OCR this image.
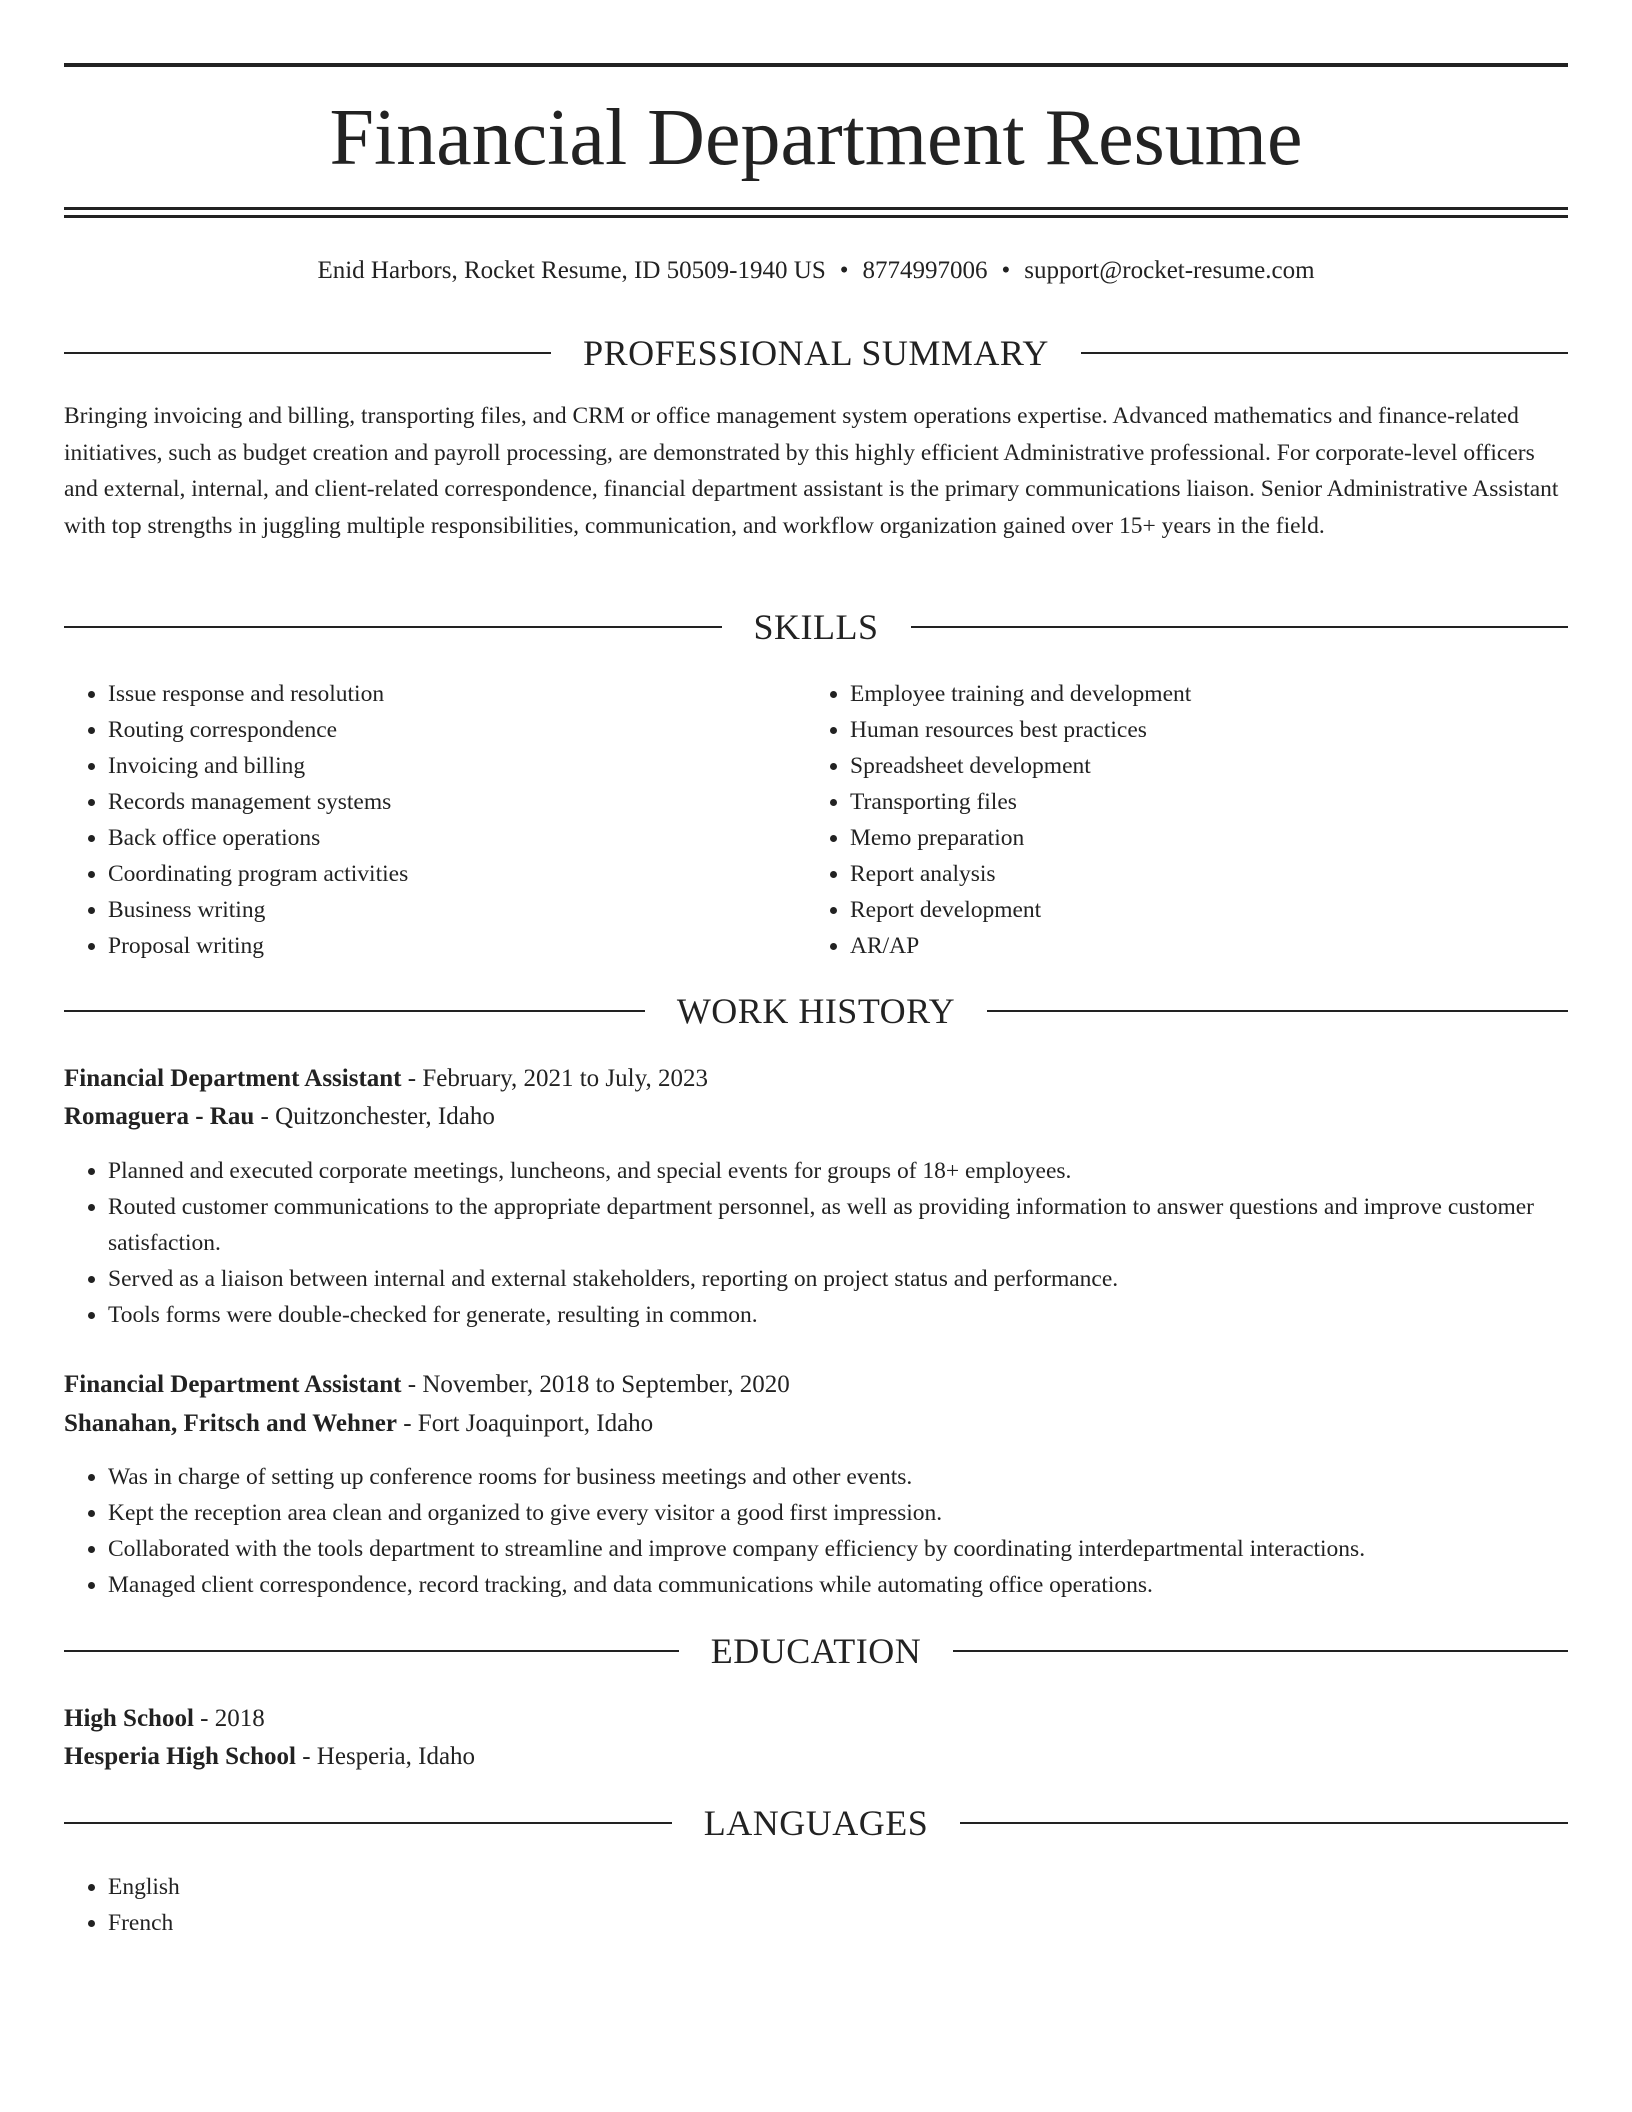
Financial Department Resume
Enid Harbors, Rocket Resume, ID 50509-1940 US • 8774997006 • support@rocket-resume.com
PROFESSIONAL SUMMARY

Bringing invoicing and billing, transporting files, and CRM or office management system operations expertise. Advanced mathematics and finance-related initiatives, such as budget creation and payroll processing, are demonstrated by this highly efficient Administrative professional. For corporate-level officers and external, internal, and client-related correspondence, financial department assistant is the primary communications liaison. Senior Administrative Assistant with top strengths in juggling multiple responsibilities, communication, and workflow organization gained over 15+ years in the field.

SKILLS
• Issue response and resolution
• Routing correspondence
• Invoicing and billing
• Records management systems
• Back office operations
• Coordinating program activities
• Business writing
• Proposal writing
• Employee training and development
• Human resources best practices
• Spreadsheet development
• Transporting files
• Memo preparation
• Report analysis
• Report development
• AR/AP
WORK HISTORY
Financial Department Assistant - February, 2021 to July, 2023
Romaguera - Rau - Quitzonchester, Idaho
• Planned and executed corporate meetings, luncheons, and special events for groups of 18+ employees.
• Routed customer communications to the appropriate department personnel, as well as providing information to answer questions and improve customer satisfaction.
• Served as a liaison between internal and external stakeholders, reporting on project status and performance.
• Tools forms were double-checked for generate, resulting in common.
Financial Department Assistant - November, 2018 to September, 2020
Shanahan, Fritsch and Wehner - Fort Joaquinport, Idaho
• Was in charge of setting up conference rooms for business meetings and other events.
• Kept the reception area clean and organized to give every visitor a good first impression.
• Collaborated with the tools department to streamline and improve company efficiency by coordinating interdepartmental interactions.
• Managed client correspondence, record tracking, and data communications while automating office operations.
EDUCATION
High School - 2018
Hesperia High School - Hesperia, Idaho
LANGUAGES
• English
• French
